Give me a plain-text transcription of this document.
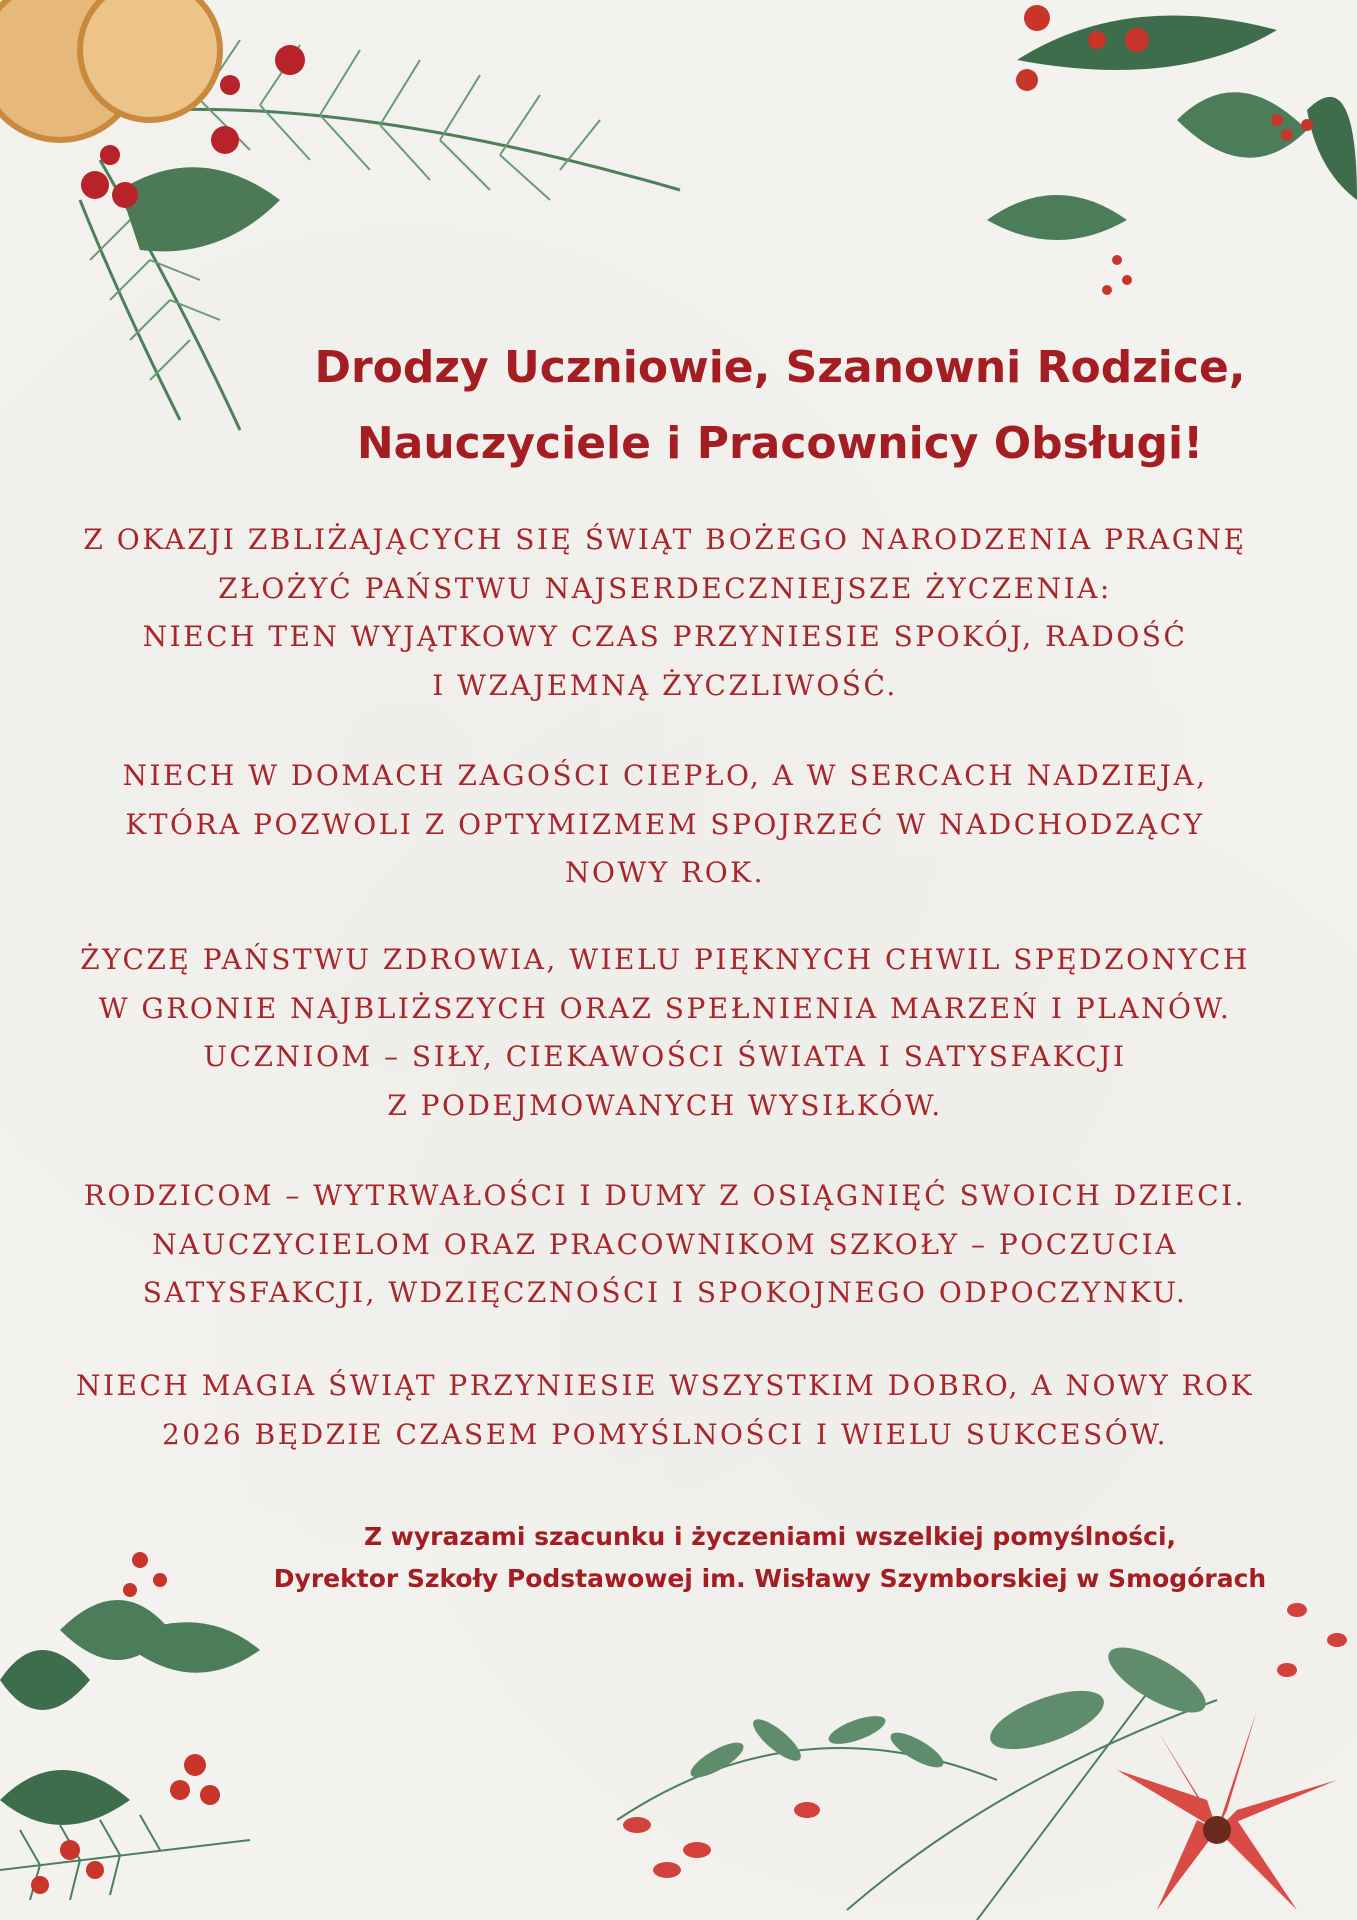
Drodzy Uczniowie, Szanowni Rodzice,
Nauczyciele i Pracownicy Obsługi!
Z OKAZJI ZBLIŻAJĄCYCH SIĘ ŚWIĄT BOŻEGO NARODZENIA PRAGNĘ
ZŁOŻYĆ PAŃSTWU NAJSERDECZNIEJSZE ŻYCZENIA:
NIECH TEN WYJĄTKOWY CZAS PRZYNIESIE SPOKÓJ, RADOŚĆ
I WZAJEMNĄ ŻYCZLIWOŚĆ.
NIECH W DOMACH ZAGOŚCI CIEPŁO, A W SERCACH NADZIEJA,
KTÓRA POZWOLI Z OPTYMIZMEM SPOJRZEĆ W NADCHODZĄCY
NOWY ROK.
ŻYCZĘ PAŃSTWU ZDROWIA, WIELU PIĘKNYCH CHWIL SPĘDZONYCH
W GRONIE NAJBLIŻSZYCH ORAZ SPEŁNIENIA MARZEŃ I PLANÓW.
UCZNIOM – SIŁY, CIEKAWOŚCI ŚWIATA I SATYSFAKCJI
Z PODEJMOWANYCH WYSIŁKÓW.
RODZICOM – WYTRWAŁOŚCI I DUMY Z OSIĄGNIĘĆ SWOICH DZIECI.
NAUCZYCIELOM ORAZ PRACOWNIKOM SZKOŁY – POCZUCIA
SATYSFAKCJI, WDZIĘCZNOŚCI I SPOKOJNEGO ODPOCZYNKU.
NIECH MAGIA ŚWIĄT PRZYNIESIE WSZYSTKIM DOBRO, A NOWY ROK
2026 BĘDZIE CZASEM POMYŚLNOŚCI I WIELU SUKCESÓW.
Z wyrazami szacunku i życzeniami wszelkiej pomyślności,
Dyrektor Szkoły Podstawowej im. Wisławy Szymborskiej w Smogórach
